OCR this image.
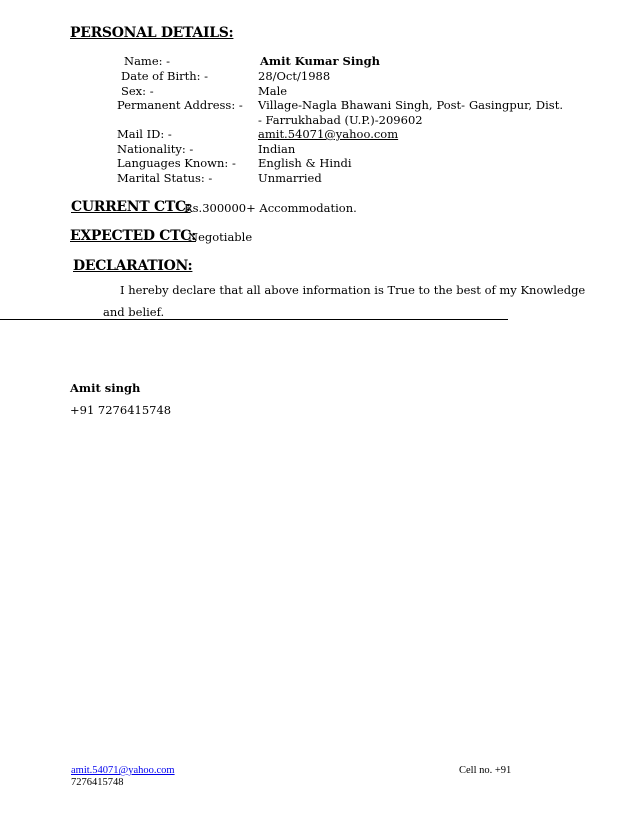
PERSONAL DETAILS:
Name: -	Amit Kumar Singh
Date of Birth: -	28/Oct/1988
Sex: -	Male
Permanent Address: - Village-Nagla Bhawani Singh, Post- Gasingpur, Dist. - Farrukhabad (U.P.)-209602
Mail ID: -	amit.54071@yahoo.com
Nationality: -	Indian
Languages Known: - English & Hindi
Marital Status: -	Unmarried
CURRENT CTC:
Rs.300000+ Accommodation.
EXPECTED CTC:
Negotiable
DECLARATION:
I hereby declare that all above information is True to the best of my Knowledge
and belief.
Amit singh
+91 7276415748
amit.54071@yahoo.com	Cell no. +91
7276415748
